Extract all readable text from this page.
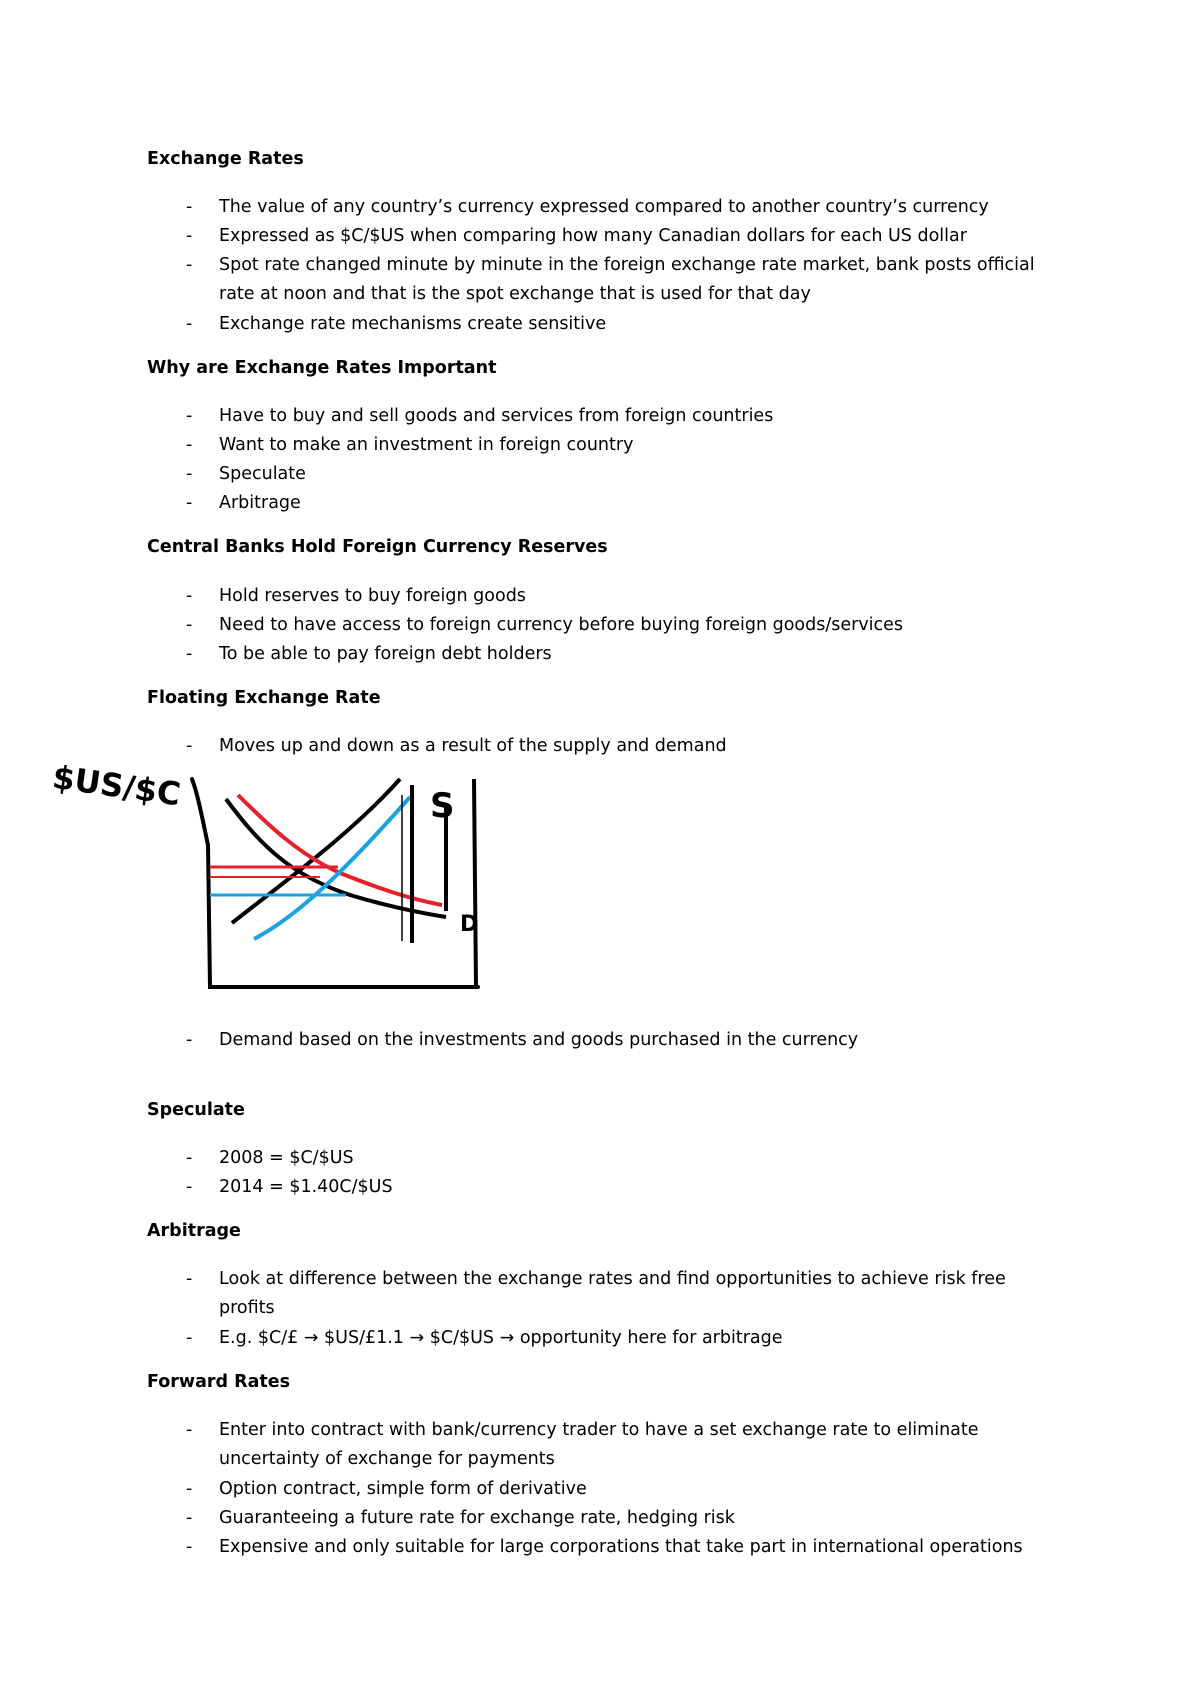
Exchange Rates
- The value of any country’s currency expressed compared to another country’s currency
- Expressed as $C/$US when comparing how many Canadian dollars for each US dollar
- Spot rate changed minute by minute in the foreign exchange rate market, bank posts official
rate at noon and that is the spot exchange that is used for that day
- Exchange rate mechanisms create sensitive
Why are Exchange Rates Important
- Have to buy and sell goods and services from foreign countries
- Want to make an investment in foreign country
- Speculate
- Arbitrage
Central Banks Hold Foreign Currency Reserves
- Hold reserves to buy foreign goods
- Need to have access to foreign currency before buying foreign goods/services
- To be able to pay foreign debt holders
Floating Exchange Rate
- Moves up and down as a result of the supply and demand
$US/$C	S
D
- Demand based on the investments and goods purchased in the currency
Speculate
- 2008 = $C/$US
- 2014 = $1.40C/$US
Arbitrage
- Look at difference between the exchange rates and find opportunities to achieve risk free
profits
- E.g. $C/£ → $US/£1.1 → $C/$US → opportunity here for arbitrage
Forward Rates
- Enter into contract with bank/currency trader to have a set exchange rate to eliminate
uncertainty of exchange for payments
- Option contract, simple form of derivative
- Guaranteeing a future rate for exchange rate, hedging risk
- Expensive and only suitable for large corporations that take part in international operations
